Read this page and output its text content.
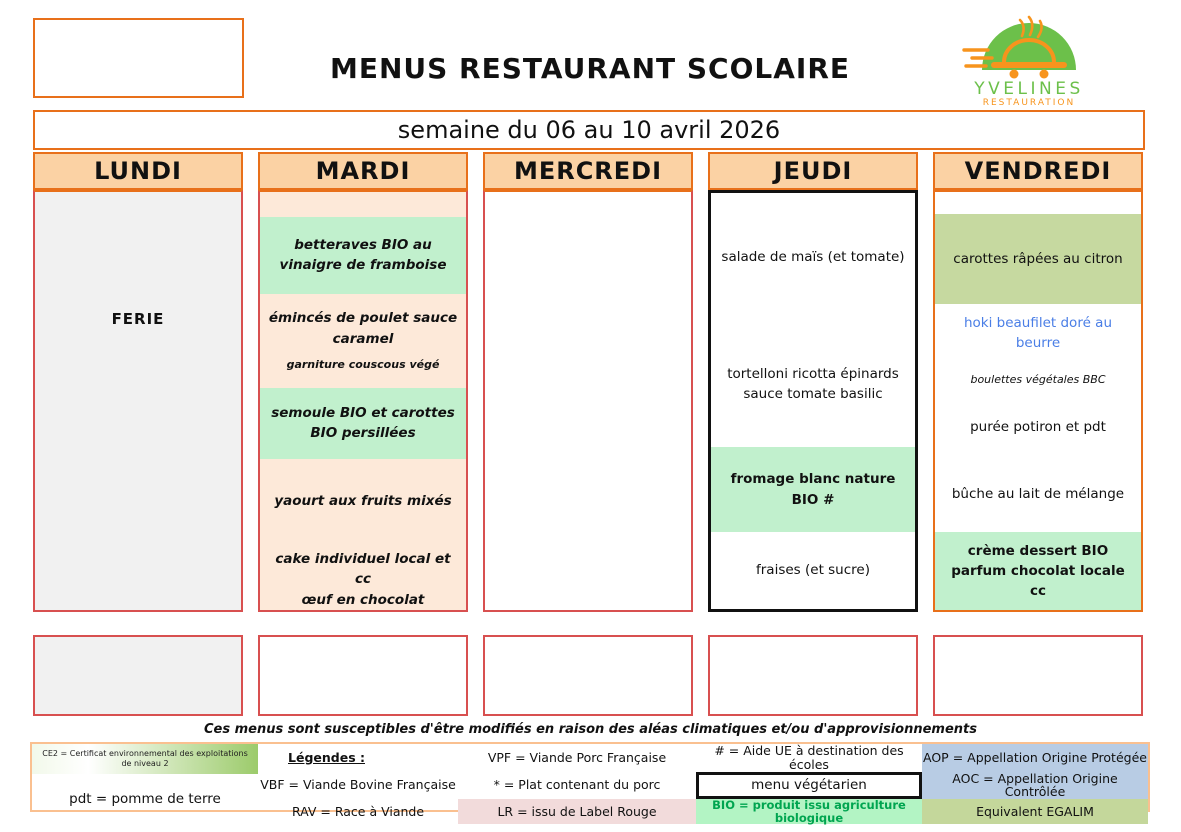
MENUS RESTAURANT SCOLAIRE
YVELINES
RESTAURATION
semaine du 06 au 10 avril 2026
LUNDI	MARDI	MERCREDI	JEUDI	VENDREDI
FERIE
betteraves BIO au vinaigre de framboise
émincés de poulet sauce caramel
garniture couscous végé
semoule BIO et carottes BIO persillées
yaourt aux fruits mixés
cake individuel local et cc
œuf en chocolat
salade de maïs (et tomate)
tortelloni ricotta épinards sauce tomate basilic
fromage blanc nature BIO #
fraises (et sucre)
carottes râpées au citron
hoki beaufilet doré au beurre
boulettes végétales BBC
purée potiron et pdt
bûche au lait de mélange
crème dessert BIO parfum chocolat locale cc
Ces menus sont susceptibles d'être modifiés en raison des aléas climatiques et/ou d'approvisionnements
Légendes :	VPF = Viande Porc Française	# = Aide UE à destination des écoles	AOP = Appellation Origine Protégée
CE2 = Certificat environnemental des exploitations de niveau 2
pdt = pomme de terre
VBF = Viande Bovine Française	* = Plat contenant du porc	menu végétarien	AOC = Appellation Origine Contrôlée
RAV = Race à Viande	LR = issu de Label Rouge	BIO = produit issu agriculture biologique	Equivalent EGALIM
